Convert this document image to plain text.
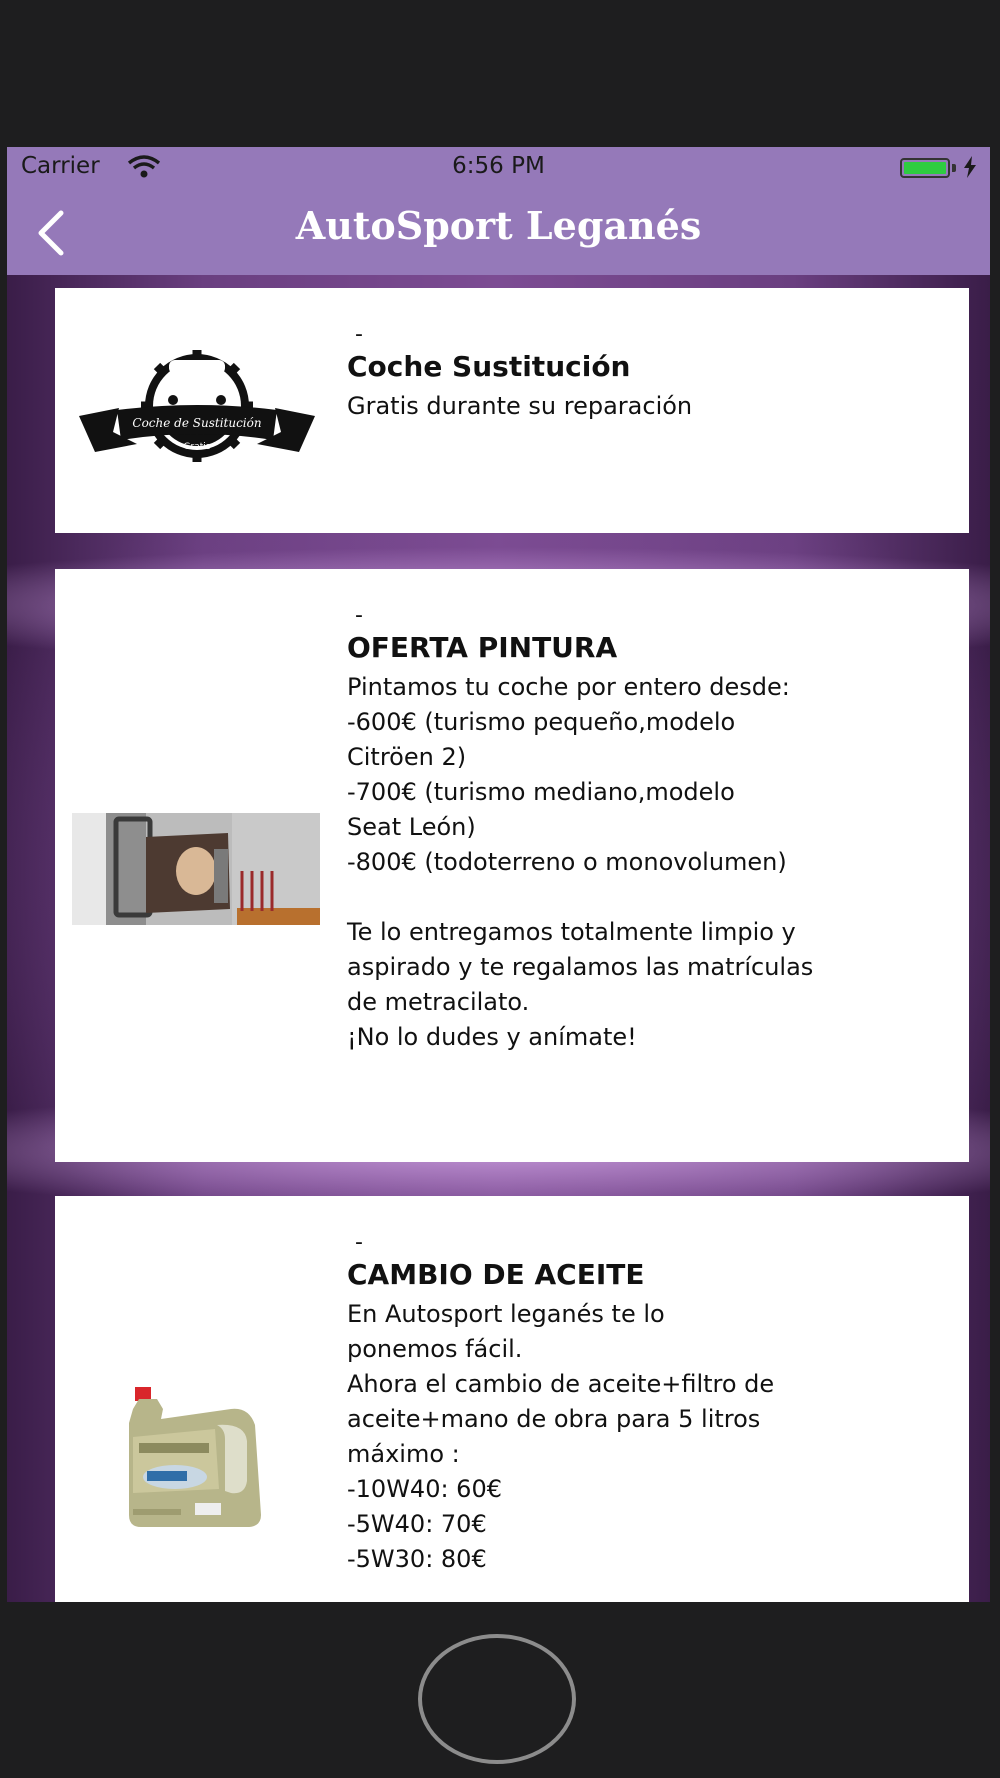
Carrier	6:56 PM
AutoSport Leganés
Coche de Sustitución
Gratis
-
Coche Sustitución

Gratis durante su reparación

-
OFERTA PINTURA

Pintamos tu coche por entero desde:
-600€ (turismo pequeño,modelo
Citröen 2)
-700€ (turismo mediano,modelo
Seat León)
-800€ (todoterreno o monovolumen)

Te lo entregamos totalmente limpio y
aspirado y te regalamos las matrículas
de metracilato.
¡No lo dudes y anímate!

-
CAMBIO DE ACEITE

En Autosport leganés te lo
ponemos fácil.
Ahora el cambio de aceite+filtro de
aceite+mano de obra para 5 litros
máximo :
-10W40: 60€
-5W40: 70€
-5W30: 80€
